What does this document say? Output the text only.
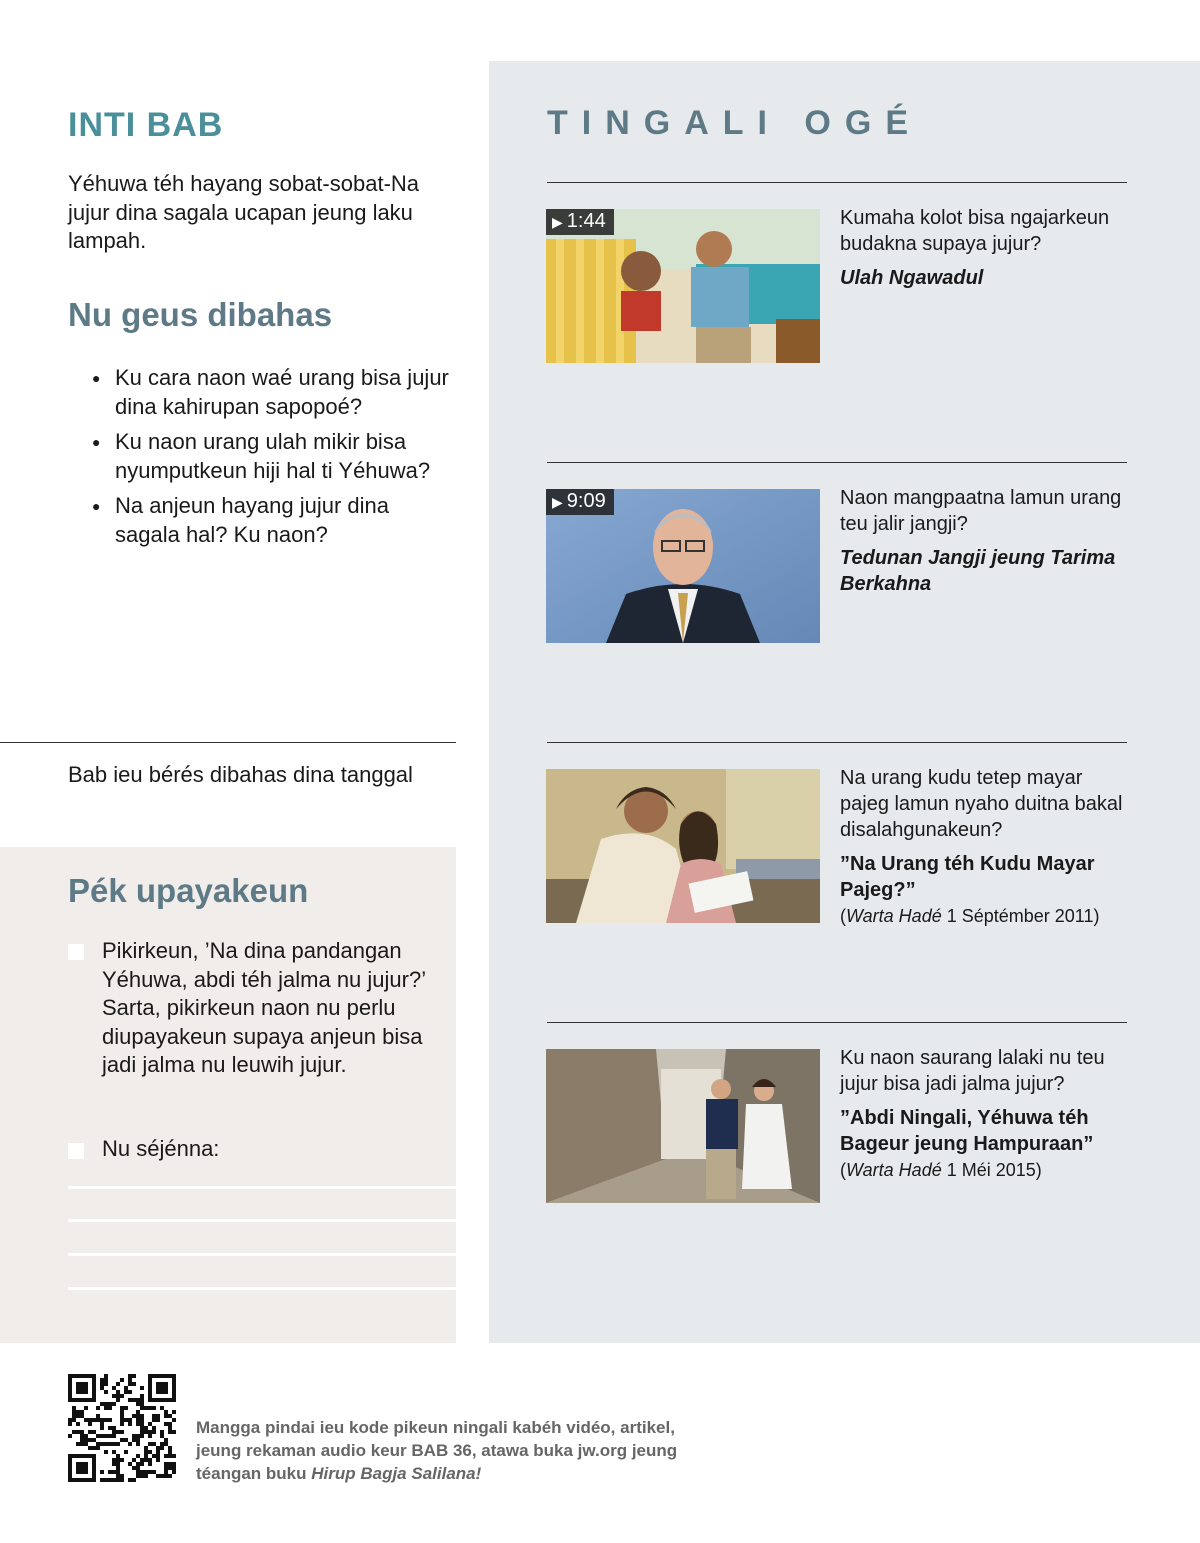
INTI BAB

Yéhuwa téh hayang sobat-sobat-Na jujur dina sagala ucapan jeung laku lampah.

Nu geus dibahas
● Ku cara naon waé urang bisa jujur dina kahirupan sapopoé?
● Ku naon urang ulah mikir bisa nyumputkeun hiji hal ti Yéhuwa?
● Na anjeun hayang jujur dina sagala hal? Ku naon?

Bab ieu bérés dibahas dina tanggal

Pék upayakeun

Pikirkeun, ’Na dina pandangan Yéhuwa, abdi téh jalma nu jujur?’ Sarta, pikirkeun naon nu perlu diupayakeun supaya anjeun bisa jadi jalma nu leuwih jujur.

Nu séjénna:

TINGALI OGÉ
▶ 1:44	Kumaha kolot bisa ngajarkeun budakna supaya jujur?

Ulah Ngawadul

▶ 9:09	Naon mangpaatna lamun urang teu jalir jangji?

Tedunan Jangji jeung Tarima Berkahna

Na urang kudu tetep mayar pajeg lamun nyaho duitna bakal disalahgunakeun?

”Na Urang téh Kudu Mayar Pajeg?”

(Warta Hadé 1 Séptémber 2011)

Ku naon saurang lalaki nu teu jujur bisa jadi jalma jujur?

”Abdi Ningali, Yéhuwa téh Bageur jeung Hampuraan”

(Warta Hadé 1 Méi 2015)

Mangga pindai ieu kode pikeun ningali kabéh vidéo, artikel, jeung rekaman audio keur BAB 36, atawa buka jw.org jeung téangan buku Hirup Bagja Salilana!
